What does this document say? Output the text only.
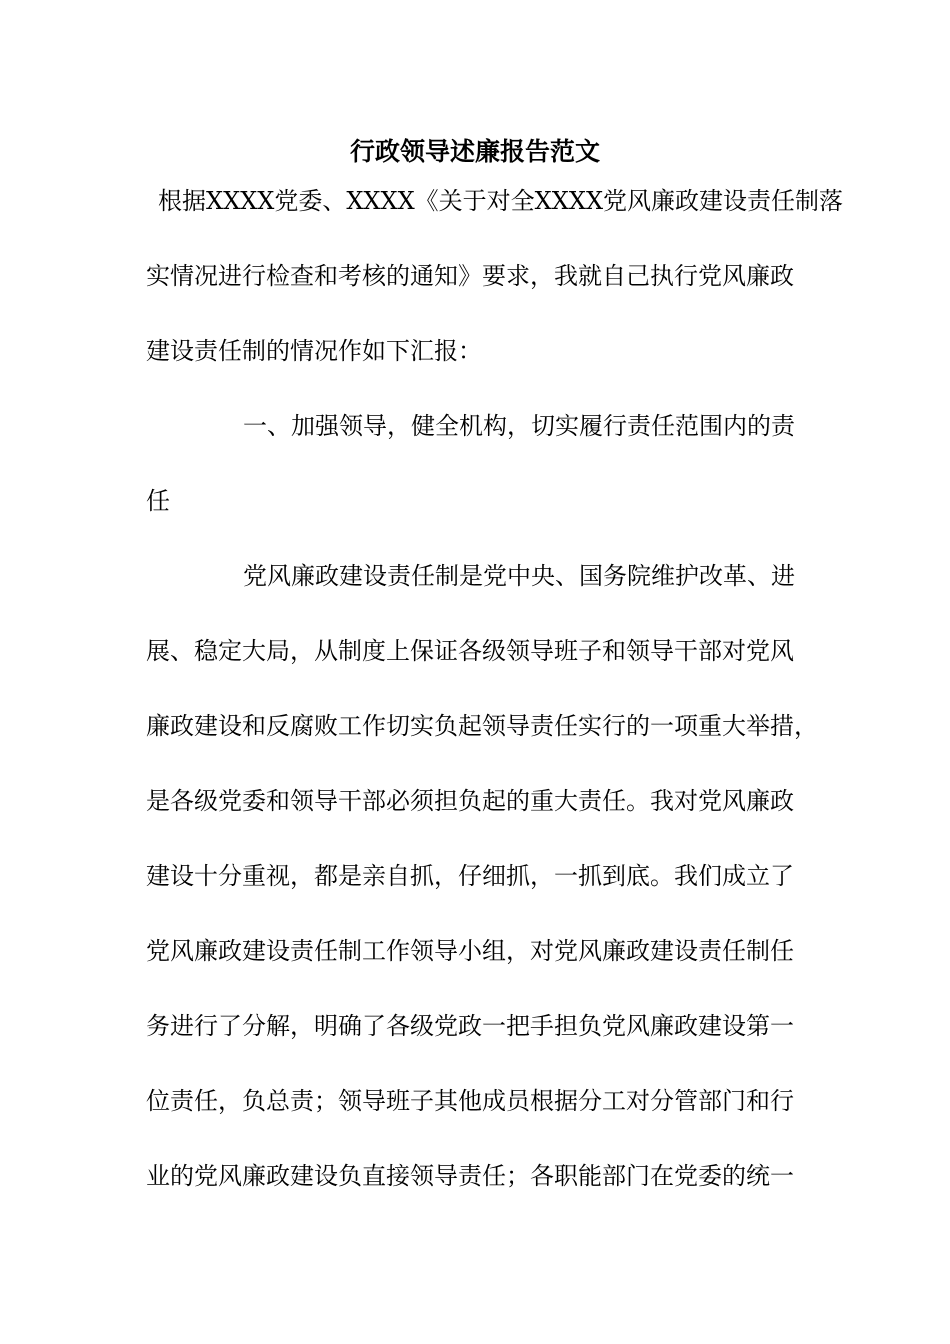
行政领导述廉报告范文

根据XXXX党委、XXXX《关于对全XXXX党风廉政建设责任制落

实情况进行检查和考核的通知》要求，我就自己执行党风廉政

建设责任制的情况作如下汇报：

一、加强领导，健全机构，切实履行责任范围内的责

任

党风廉政建设责任制是党中央、国务院维护改革、进

展、稳定大局，从制度上保证各级领导班子和领导干部对党风

廉政建设和反腐败工作切实负起领导责任实行的一项重大举措，

是各级党委和领导干部必须担负起的重大责任。我对党风廉政

建设十分重视，都是亲自抓，仔细抓，一抓到底。我们成立了

党风廉政建设责任制工作领导小组，对党风廉政建设责任制任

务进行了分解，明确了各级党政一把手担负党风廉政建设第一

位责任，负总责；领导班子其他成员根据分工对分管部门和行

业的党风廉政建设负直接领导责任；各职能部门在党委的统一
